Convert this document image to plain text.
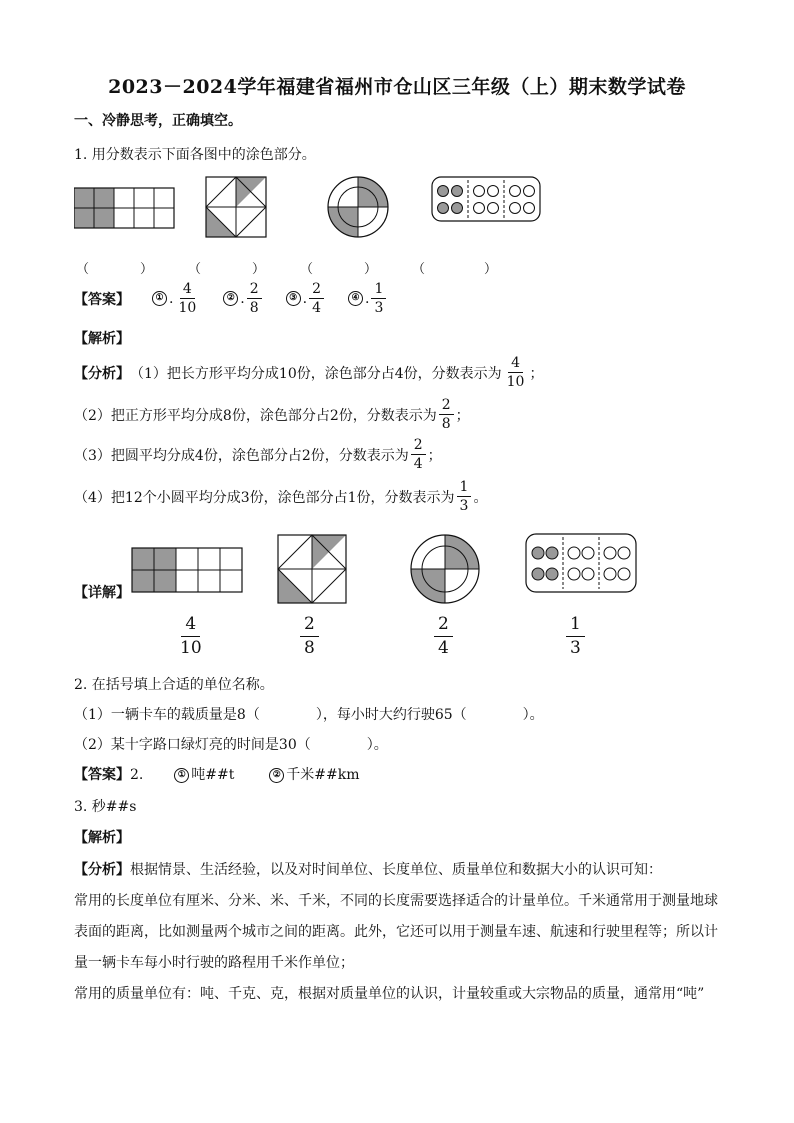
2023－2024学年福建省福州市仓山区三年级（上）期末数学试卷
一、冷静思考，正确填空。
1. 用分数表示下面各图中的涂色部分。
（	）	（	）	（	）	（	）
【答案】	① . $\frac{4}{10}$	② . $\frac{2}{8}$	③ . $\frac{2}{4}$	④ . $\frac{1}{3}$
【解析】
【分析】 （1）把长方形平均分成10份，涂色部分占4份，分数表示为 $\frac{4}{10}$ ；
（2）把正方形平均分成8份，涂色部分占2份，分数表示为 $\frac{2}{8}$ ；
（3）把圆平均分成4份，涂色部分占2份，分数表示为 $\frac{2}{4}$ ；
（4）把12个小圆平均分成3份，涂色部分占1份，分数表示为 $\frac{1}{3}$ 。
【详解】
$\frac{4}{10}$	$\frac{2}{8}$	$\frac{2}{4}$	$\frac{1}{3}$
2. 在括号填上合适的单位名称。
（1）一辆卡车的载质量是8（	），每小时大约行驶65（	）。
（2）某十字路口绿灯亮的时间是30（	）。
【答案】2.	① 吨##t	② 千米##km
3. 秒##s
【解析】
【分析】根据情景、生活经验，以及对时间单位、长度单位、质量单位和数据大小的认识可知：
常用的长度单位有厘米、分米、米、千米，不同的长度需要选择适合的计量单位。千米通常用于测量地球
表面的距离，比如测量两个城市之间的距离。此外，它还可以用于测量车速、航速和行驶里程等；所以计
量一辆卡车每小时行驶的路程用千米作单位；
常用的质量单位有：吨、千克、克，根据对质量单位的认识，计量较重或大宗物品的质量，通常用“吨”
